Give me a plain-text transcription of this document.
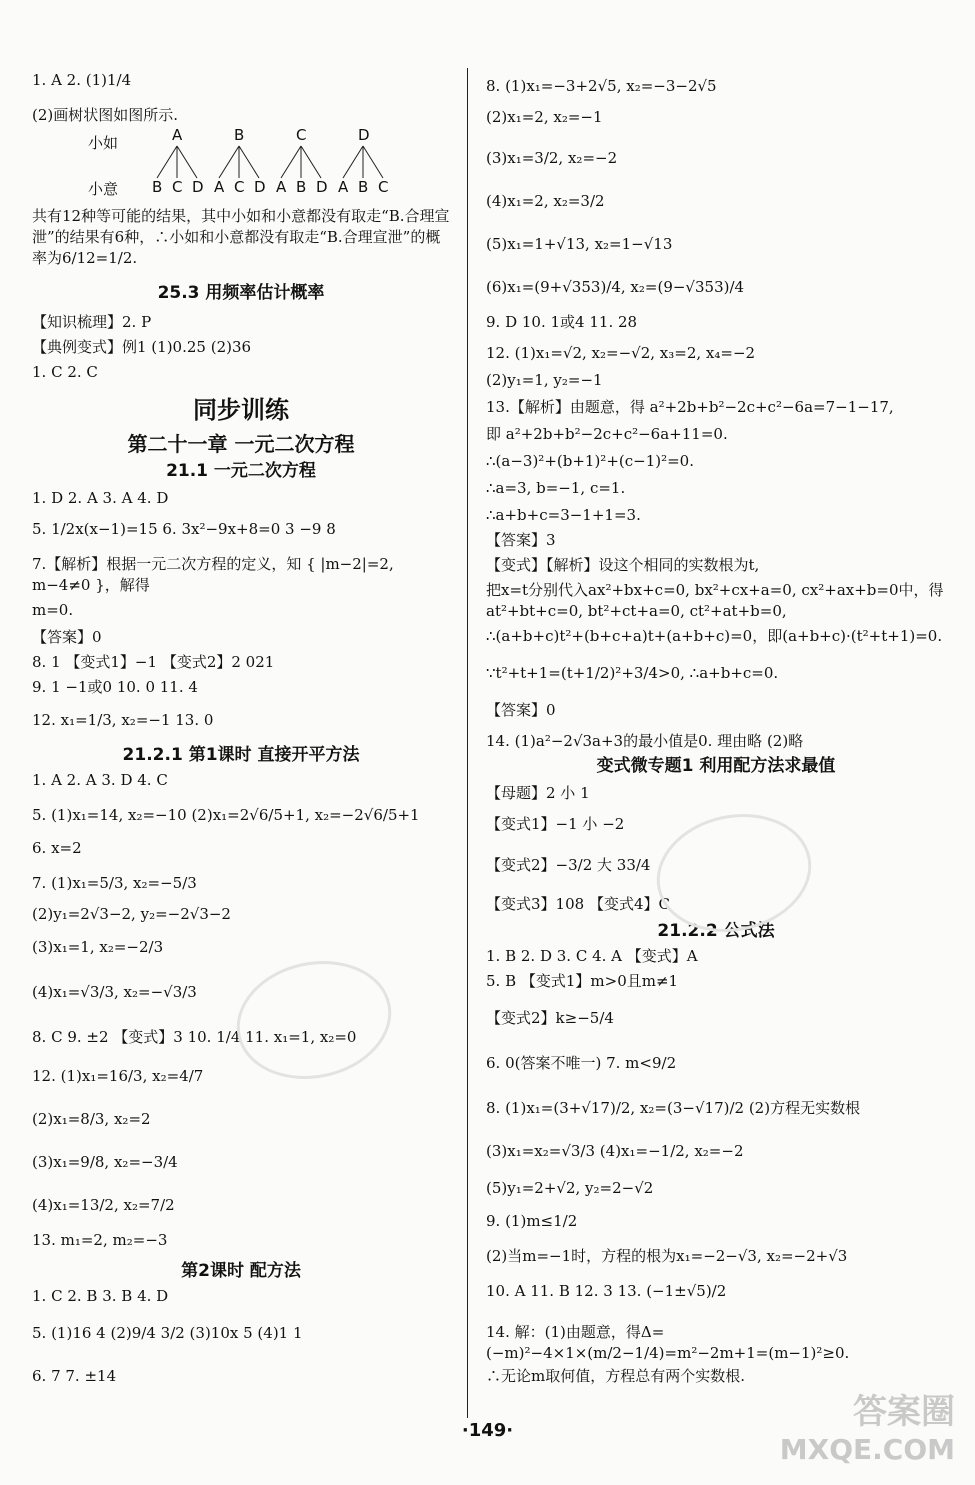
1. A 2. (1)1/4
(2)画树状图如图所示.
小如
小意
A
B C D
B
A C D
C
A B D
D
A B C
共有12种等可能的结果，其中小如和小意都没有取走“B.合理宣泄”的结果有6种，∴小如和小意都没有取走“B.合理宣泄”的概率为6/12=1/2.
25.3 用频率估计概率
【知识梳理】2. P
【典例变式】例1 (1)0.25 (2)36
1. C 2. C
同步训练
第二十一章 一元二次方程
21.1 一元二次方程
1. D 2. A 3. A 4. D
5. 1/2x(x−1)=15 6. 3x²−9x+8=0 3 −9 8
7.【解析】根据一元二次方程的定义，知 { |m−2|=2, m−4≠0 }，解得
m=0.
【答案】0
8. 1 【变式1】−1 【变式2】2 021
9. 1 −1或0 10. 0 11. 4
12. x₁=1/3, x₂=−1 13. 0
21.2.1 第1课时 直接开平方法
1. A 2. A 3. D 4. C
5. (1)x₁=14, x₂=−10 (2)x₁=2√6/5+1, x₂=−2√6/5+1
6. x=2
7. (1)x₁=5/3, x₂=−5/3
(2)y₁=2√3−2, y₂=−2√3−2
(3)x₁=1, x₂=−2/3
(4)x₁=√3/3, x₂=−√3/3
8. C 9. ±2 【变式】3 10. 1/4 11. x₁=1, x₂=0
12. (1)x₁=16/3, x₂=4/7
(2)x₁=8/3, x₂=2
(3)x₁=9/8, x₂=−3/4
(4)x₁=13/2, x₂=7/2
13. m₁=2, m₂=−3
第2课时 配方法
1. C 2. B 3. B 4. D
5. (1)16 4 (2)9/4 3/2 (3)10x 5 (4)1 1
6. 7 7. ±14
8. (1)x₁=−3+2√5, x₂=−3−2√5
(2)x₁=2, x₂=−1
(3)x₁=3/2, x₂=−2
(4)x₁=2, x₂=3/2
(5)x₁=1+√13, x₂=1−√13
(6)x₁=(9+√353)/4, x₂=(9−√353)/4
9. D 10. 1或4 11. 28
12. (1)x₁=√2, x₂=−√2, x₃=2, x₄=−2
(2)y₁=1, y₂=−1
13.【解析】由题意，得 a²+2b+b²−2c+c²−6a=7−1−17,
即 a²+2b+b²−2c+c²−6a+11=0.
∴(a−3)²+(b+1)²+(c−1)²=0.
∴a=3, b=−1, c=1.
∴a+b+c=3−1+1=3.
【答案】3
【变式】【解析】设这个相同的实数根为t,
把x=t分别代入ax²+bx+c=0, bx²+cx+a=0, cx²+ax+b=0中，得at²+bt+c=0, bt²+ct+a=0, ct²+at+b=0,
∴(a+b+c)t²+(b+c+a)t+(a+b+c)=0，即(a+b+c)·(t²+t+1)=0.
∵t²+t+1=(t+1/2)²+3/4>0, ∴a+b+c=0.
【答案】0
14. (1)a²−2√3a+3的最小值是0. 理由略 (2)略
变式微专题1 利用配方法求最值
【母题】2 小 1
【变式1】−1 小 −2
【变式2】−3/2 大 33/4
【变式3】108 【变式4】C
21.2.2 公式法
1. B 2. D 3. C 4. A 【变式】A
5. B 【变式1】m>0且m≠1
【变式2】k≥−5/4
6. 0(答案不唯一) 7. m<9/2
8. (1)x₁=(3+√17)/2, x₂=(3−√17)/2 (2)方程无实数根
(3)x₁=x₂=√3/3 (4)x₁=−1/2, x₂=−2
(5)y₁=2+√2, y₂=2−√2
9. (1)m≤1/2
(2)当m=−1时，方程的根为x₁=−2−√3, x₂=−2+√3
10. A 11. B 12. 3 13. (−1±√5)/2
14. 解：(1)由题意，得Δ=(−m)²−4×1×(m/2−1/4)=m²−2m+1=(m−1)²≥0.
∴无论m取何值，方程总有两个实数根.
·149·	答案圈
MXQE.COM
